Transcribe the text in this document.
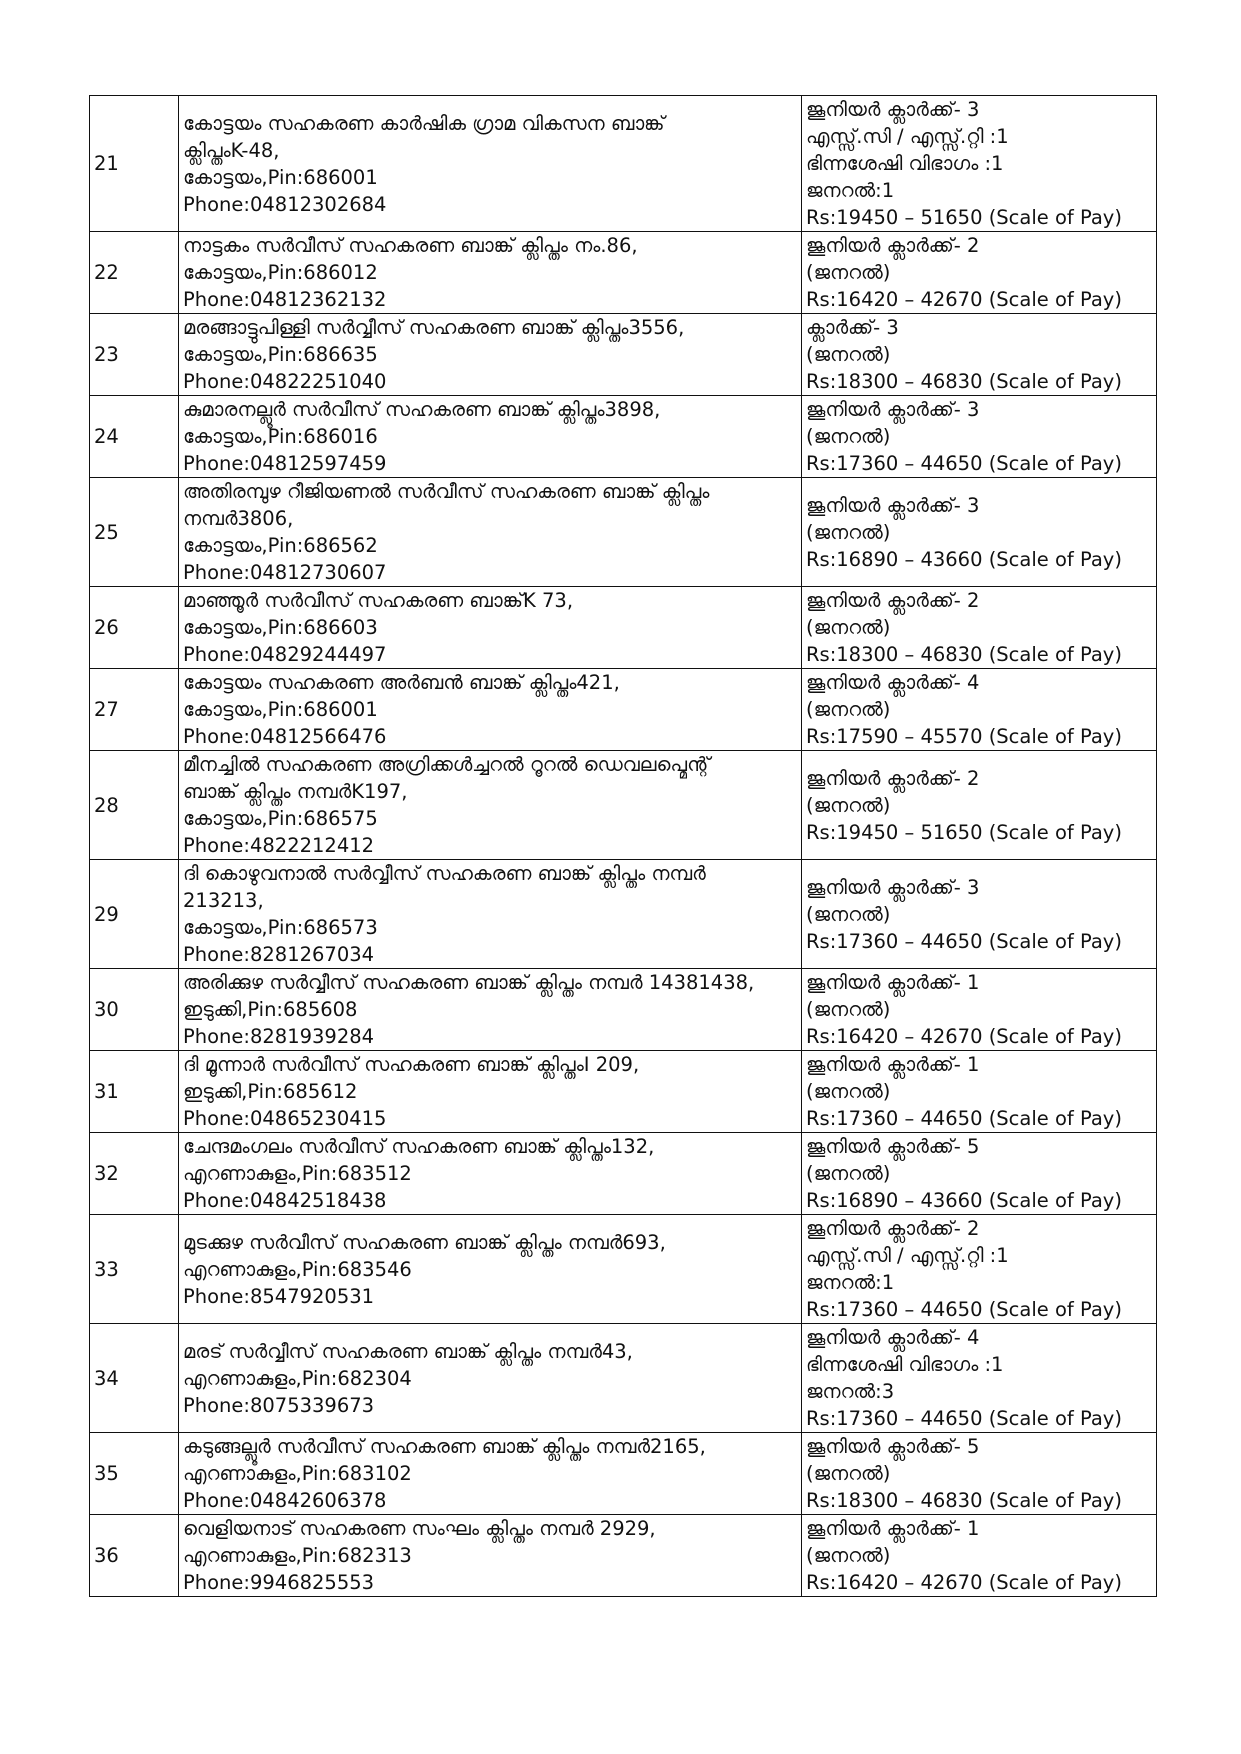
21	കോട്ടയം സഹകരണ കാർഷിക ഗ്രാമ വികസന ബാങ്ക്
ക്ലിപ്തംK-48,
കോട്ടയം,Pin:686001
Phone:04812302684	ജൂനിയർ ക്ലാർക്ക്- 3
എസ്സ്.സി / എസ്സ്.റ്റി :1
ഭിന്നശേഷി വിഭാഗം :1
ജനറൽ:1
Rs:19450 – 51650 (Scale of Pay)

22	നാട്ടകം സർവീസ് സഹകരണ ബാങ്ക് ക്ലിപ്തം നം.86,
കോട്ടയം,Pin:686012
Phone:04812362132	ജൂനിയർ ക്ലാർക്ക്- 2
(ജനറൽ)
Rs:16420 – 42670 (Scale of Pay)

23	മരങ്ങാട്ടുപിള്ളി സർവ്വീസ് സഹകരണ ബാങ്ക് ക്ലിപ്തം3556,
കോട്ടയം,Pin:686635
Phone:04822251040	ക്ലാർക്ക്- 3
(ജനറൽ)
Rs:18300 – 46830 (Scale of Pay)

24	കുമാരനല്ലൂർ സർവീസ് സഹകരണ ബാങ്ക് ക്ലിപ്തം3898,
കോട്ടയം,Pin:686016
Phone:04812597459	ജൂനിയർ ക്ലാർക്ക്- 3
(ജനറൽ)
Rs:17360 – 44650 (Scale of Pay)

25	അതിരമ്പുഴ റീജിയണൽ സർവീസ് സഹകരണ ബാങ്ക് ക്ലിപ്തം
നമ്പർ3806,
കോട്ടയം,Pin:686562
Phone:04812730607	ജൂനിയർ ക്ലാർക്ക്- 3
(ജനറൽ)
Rs:16890 – 43660 (Scale of Pay)

26	മാഞ്ഞൂർ സർവീസ് സഹകരണ ബാങ്ക്K 73,
കോട്ടയം,Pin:686603
Phone:04829244497	ജൂനിയർ ക്ലാർക്ക്- 2
(ജനറൽ)
Rs:18300 – 46830 (Scale of Pay)

27	കോട്ടയം സഹകരണ അർബൻ ബാങ്ക് ക്ലിപ്തം421,
കോട്ടയം,Pin:686001
Phone:04812566476	ജൂനിയർ ക്ലാർക്ക്- 4
(ജനറൽ)
Rs:17590 – 45570 (Scale of Pay)

28	മീനച്ചിൽ സഹകരണ അഗ്രിക്കൾച്ചറൽ റൂറൽ ഡെവലപ്മെന്റ്
ബാങ്ക് ക്ലിപ്തം നമ്പർK197,
കോട്ടയം,Pin:686575
Phone:4822212412	ജൂനിയർ ക്ലാർക്ക്- 2
(ജനറൽ)
Rs:19450 – 51650 (Scale of Pay)

29	ദി കൊഴുവനാൽ സർവ്വീസ് സഹകരണ ബാങ്ക് ക്ലിപ്തം നമ്പർ
213213,
കോട്ടയം,Pin:686573
Phone:8281267034	ജൂനിയർ ക്ലാർക്ക്- 3
(ജനറൽ)
Rs:17360 – 44650 (Scale of Pay)

30	അരിക്കുഴ സർവ്വീസ് സഹകരണ ബാങ്ക് ക്ലിപ്തം നമ്പർ 14381438,
ഇടുക്കി,Pin:685608
Phone:8281939284	ജൂനിയർ ക്ലാർക്ക്- 1
(ജനറൽ)
Rs:16420 – 42670 (Scale of Pay)

31	ദി മൂന്നാർ സർവീസ് സഹകരണ ബാങ്ക് ക്ലിപ്തംI 209,
ഇടുക്കി,Pin:685612
Phone:04865230415	ജൂനിയർ ക്ലാർക്ക്- 1
(ജനറൽ)
Rs:17360 – 44650 (Scale of Pay)

32	ചേന്ദമംഗലം സർവീസ് സഹകരണ ബാങ്ക് ക്ലിപ്തം132,
എറണാകുളം,Pin:683512
Phone:04842518438	ജൂനിയർ ക്ലാർക്ക്- 5
(ജനറൽ)
Rs:16890 – 43660 (Scale of Pay)

33	മുടക്കുഴ സർവീസ് സഹകരണ ബാങ്ക് ക്ലിപ്തം നമ്പർ693,
എറണാകുളം,Pin:683546
Phone:8547920531	ജൂനിയർ ക്ലാർക്ക്- 2
എസ്സ്.സി / എസ്സ്.റ്റി :1
ജനറൽ:1
Rs:17360 – 44650 (Scale of Pay)

34	മരട് സർവ്വീസ് സഹകരണ ബാങ്ക് ക്ലിപ്തം നമ്പർ43,
എറണാകുളം,Pin:682304
Phone:8075339673	ജൂനിയർ ക്ലാർക്ക്- 4
ഭിന്നശേഷി വിഭാഗം :1
ജനറൽ:3
Rs:17360 – 44650 (Scale of Pay)

35	കടുങ്ങല്ലൂർ സർവീസ് സഹകരണ ബാങ്ക് ക്ലിപ്തം നമ്പർ2165,
എറണാകുളം,Pin:683102
Phone:04842606378	ജൂനിയർ ക്ലാർക്ക്- 5
(ജനറൽ)
Rs:18300 – 46830 (Scale of Pay)

36	വെളിയനാട് സഹകരണ സംഘം ക്ലിപ്തം നമ്പർ 2929,
എറണാകുളം,Pin:682313
Phone:9946825553	ജൂനിയർ ക്ലാർക്ക്- 1
(ജനറൽ)
Rs:16420 – 42670 (Scale of Pay)
